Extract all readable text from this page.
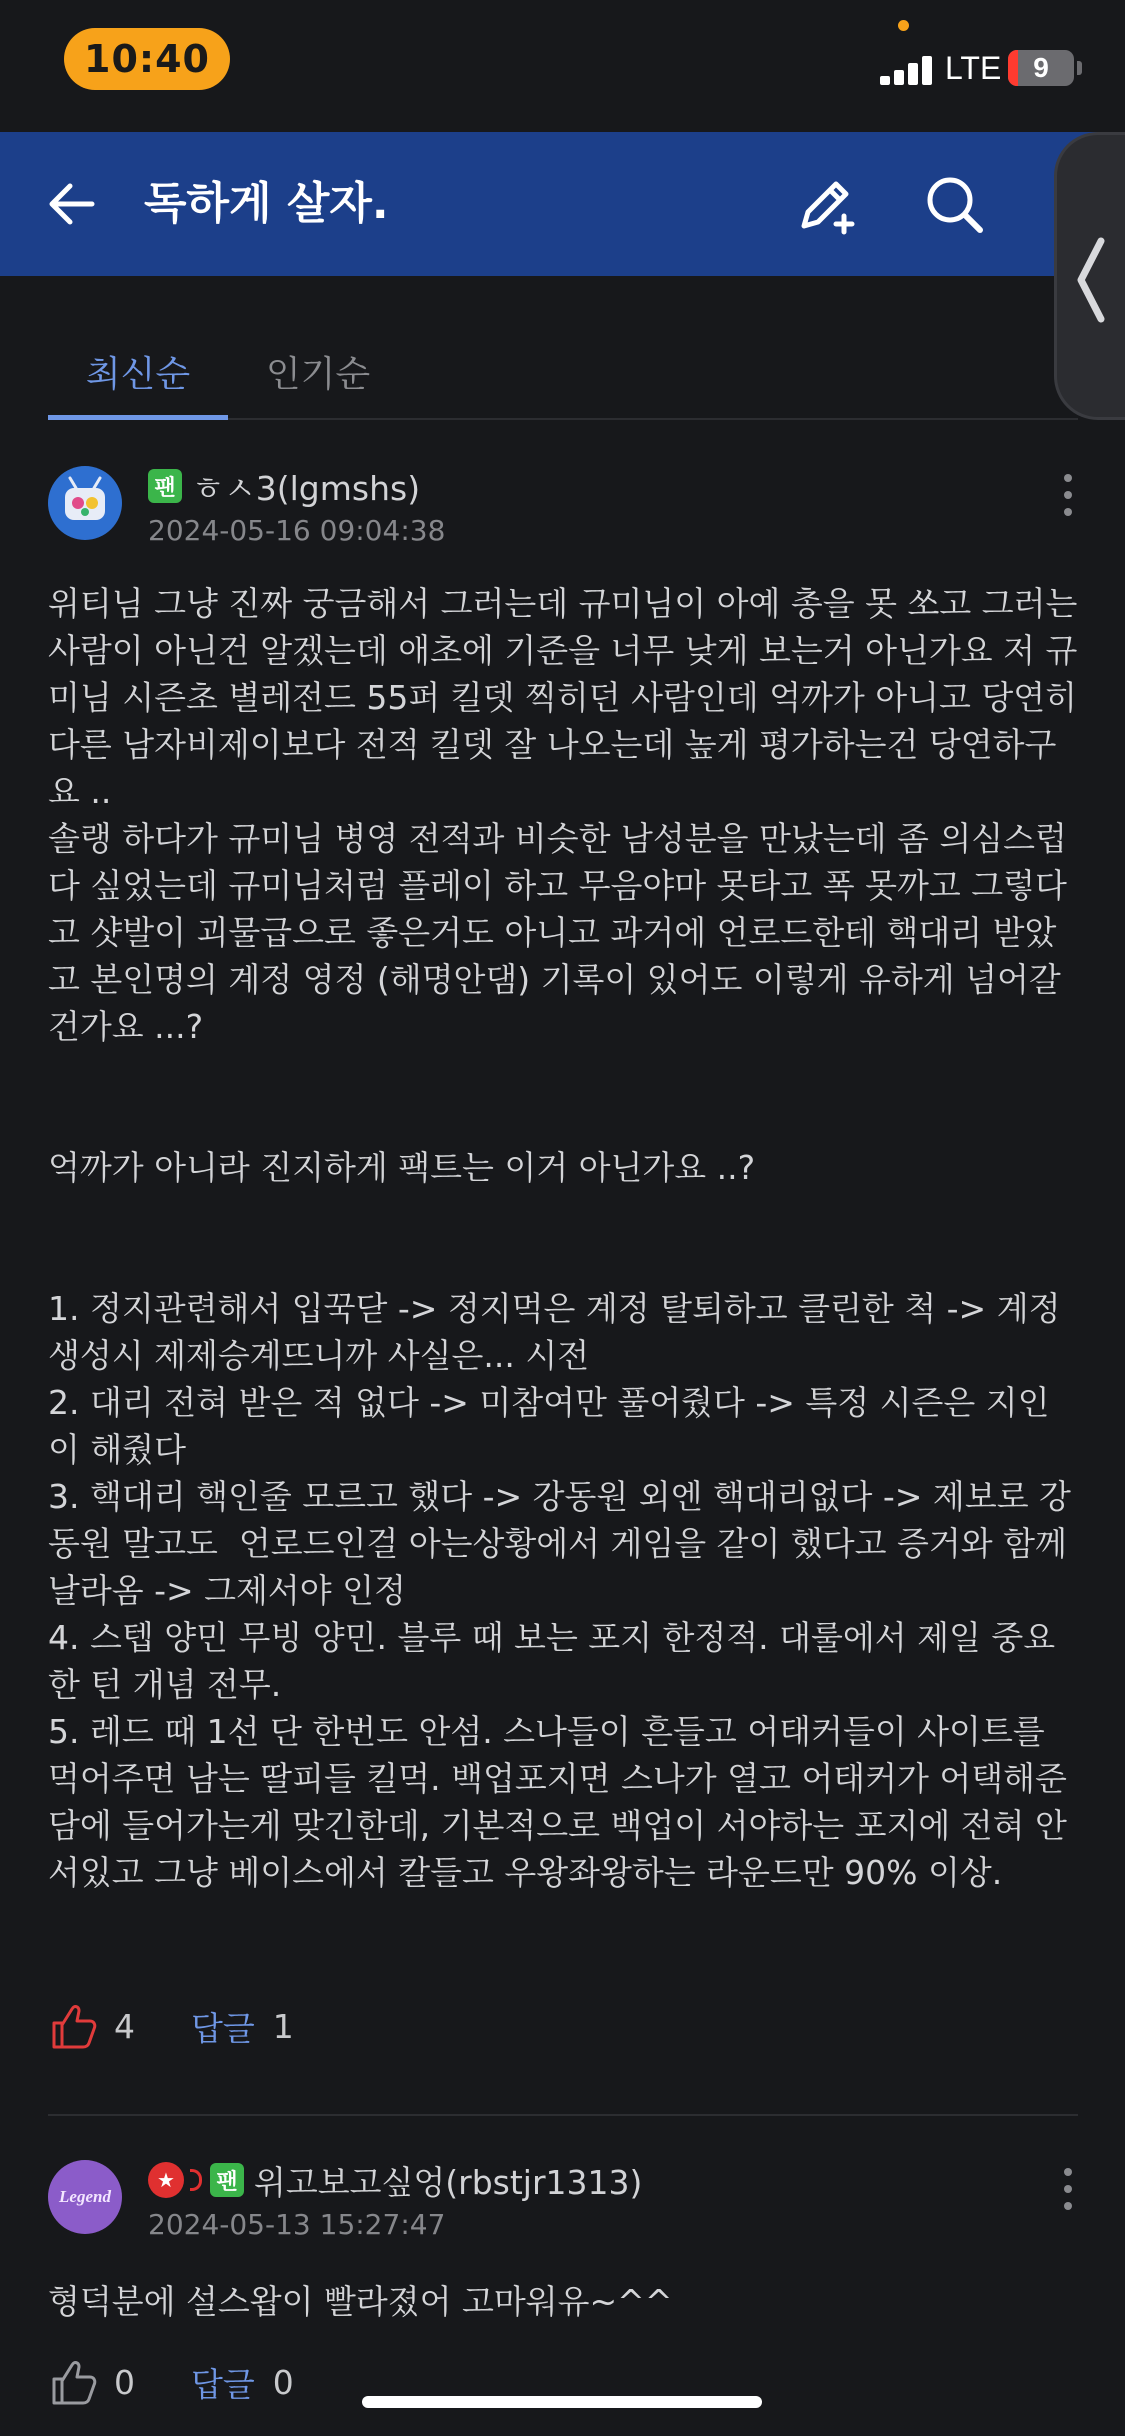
10:40	LTE	9
독하게 살자.
최신순	인기순
팬 ㅎㅅ3(lgmshs)
2024-05-16 09:04:38
위티님 그냥 진짜 궁금해서 그러는데 규미님이 아예 총을 못 쏘고 그러는 사람이 아닌건 알겠는데 애초에 기준을 너무 낮게 보는거 아닌가요 저 규미님 시즌초 별레전드 55퍼 킬뎃 찍히던 사람인데 억까가 아니고 당연히 다른 남자비제이보다 전적 킬뎃 잘 나오는데 높게 평가하는건 당연하구요 ..
솔랭 하다가 규미님 병영 전적과 비슷한 남성분을 만났는데 좀 의심스럽다 싶었는데 규미님처럼 플레이 하고 무음야마 못타고 폭 못까고 그렇다고 샷발이 괴물급으로 좋은거도 아니고 과거에 언로드한테 핵대리 받았고 본인명의 계정 영정 (해명안댐) 기록이 있어도 이렇게 유하게 넘어갈건가요 ...?

억까가 아니라 진지하게 팩트는 이거 아닌가요 ..?

1. 정지관련해서 입꾹닫 -> 정지먹은 계정 탈퇴하고 클린한 척 -> 계정생성시 제제승계뜨니까 사실은... 시전
2. 대리 전혀 받은 적 없다 -> 미참여만 풀어줬다 -> 특정 시즌은 지인이 해줬다
3. 핵대리 핵인줄 모르고 했다 -> 강동원 외엔 핵대리없다 -> 제보로 강동원 말고도  언로드인걸 아는상황에서 게임을 같이 했다고 증거와 함께 날라옴 -> 그제서야 인정
4. 스텝 양민 무빙 양민. 블루 때 보는 포지 한정적. 대룰에서 제일 중요한 턴 개념 전무.
5. 레드 때 1선 단 한번도 안섬. 스나들이 흔들고 어태커들이 사이트를 먹어주면 남는 딸피들 킬먹. 백업포지면 스나가 열고 어태커가 어택해준담에 들어가는게 맞긴한데, 기본적으로 백업이 서야하는 포지에 전혀 안서있고 그냥 베이스에서 칼들고 우왕좌왕하는 라운드만 90% 이상.
4 답글 1
Legend
★	팬 위고보고싶엉(rbstjr1313)
2024-05-13 15:27:47
형덕분에 설스왑이 빨라졌어 고마워유~^^
0 답글 0
